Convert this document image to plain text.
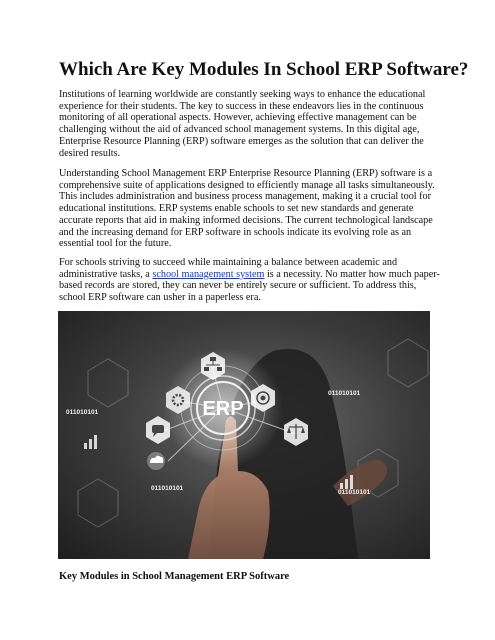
Which Are Key Modules In School ERP Software?

Institutions of learning worldwide are constantly seeking ways to enhance the educational experience for their students. The key to success in these endeavors lies in the continuous monitoring of all operational aspects. However, achieving effective management can be challenging without the aid of advanced school management systems. In this digital age, Enterprise Resource Planning (ERP) software emerges as the solution that can deliver the desired results.

Understanding School Management ERP Enterprise Resource Planning (ERP) software is a comprehensive suite of applications designed to efficiently manage all tasks simultaneously. This includes administration and business process management, making it a crucial tool for educational institutions. ERP systems enable schools to set new standards and generate accurate reports that aid in making informed decisions. The current technological landscape and the increasing demand for ERP software in schools indicate its evolving role as an essential tool for the future.

For schools striving to succeed while maintaining a balance between academic and administrative tasks, a school management system is a necessity. No matter how much paper-based records are stored, they can never be entirely secure or sufficient. To address this, school ERP software can usher in a paperless era.

ERP
011010101
011010101
011010101
011010101

Key Modules in School Management ERP Software
